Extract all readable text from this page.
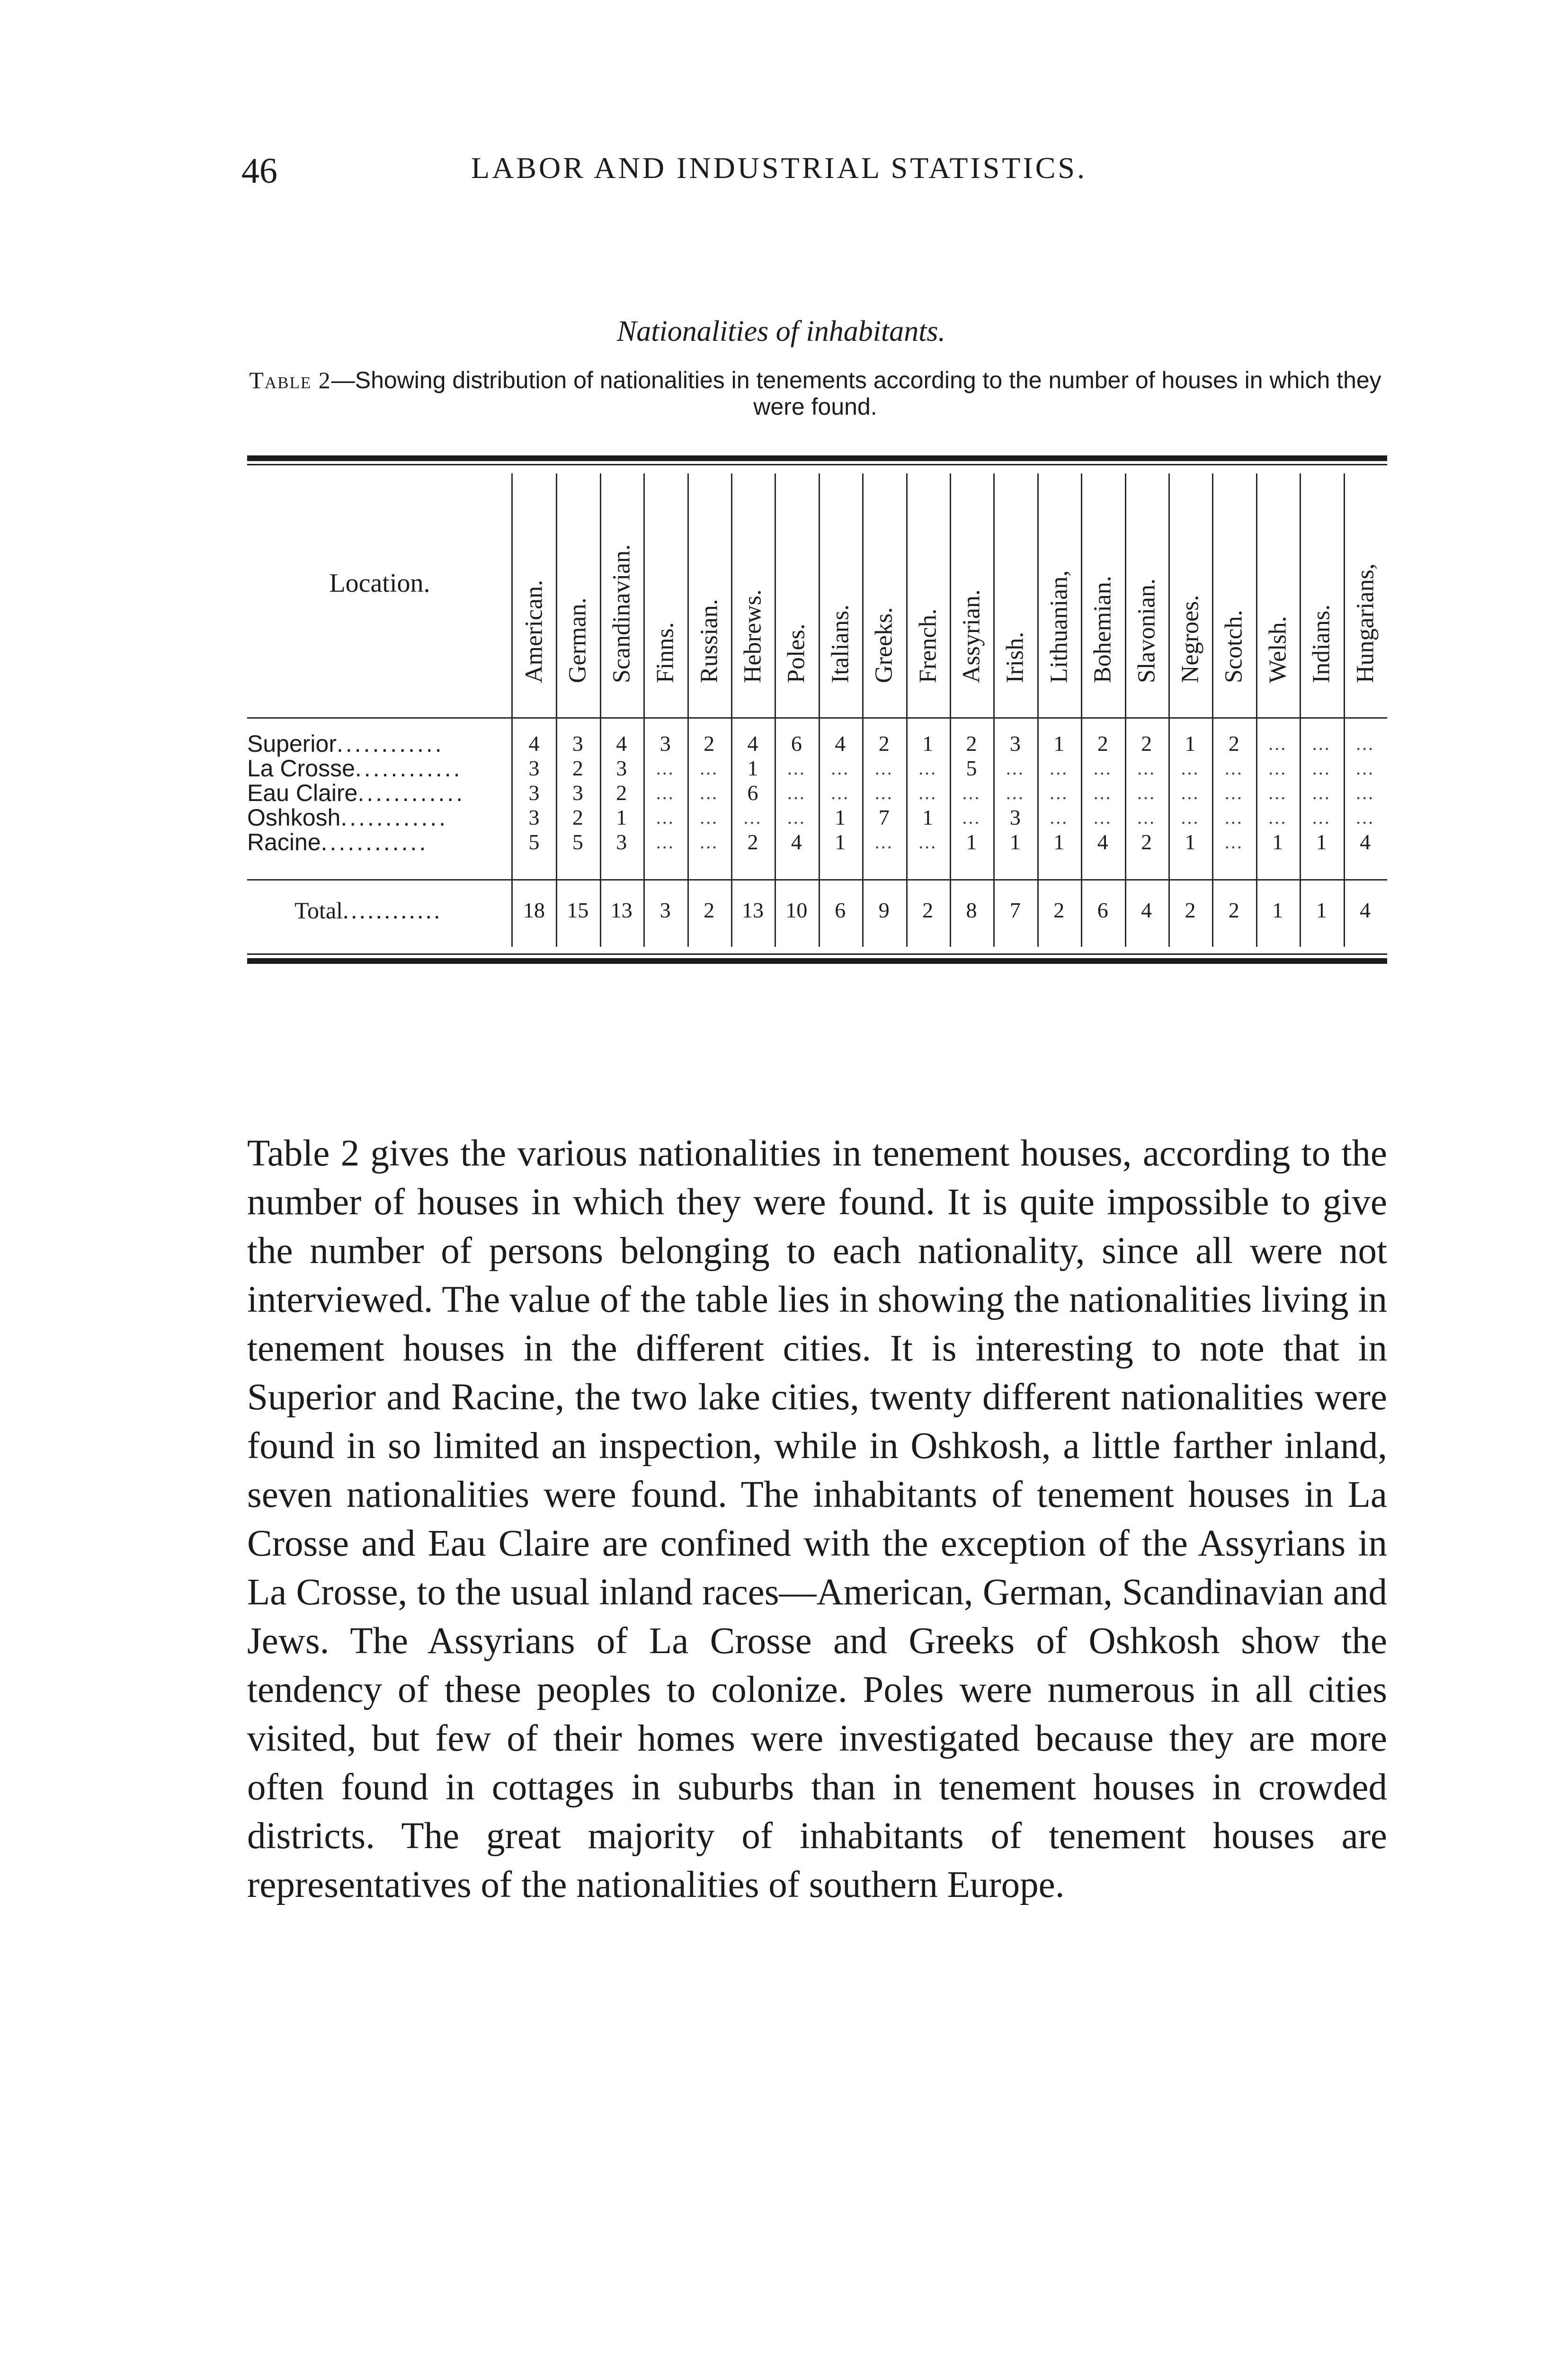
46	LABOR AND INDUSTRIAL STATISTICS.
Nationalities of inhabitants.
Table 2—Showing distribution of nationalities in tenements according to the number of houses in which they were found.
Location.	American. German. Scandinavian. Finns. Russian. Hebrews. Poles. Italians. Greeks. French. Assyrian. Irish. Lithuanian, Bohemian. Slavonian. Negroes. Scotch. Welsh. Indians. Hungarians,
Superior............	4	3	4	3	2	4	6	4	2	1	2	3	1	2	2	1	2	...	...	...
La Crosse............	3	2	3	...	...	1	...	...	...	...	5	...	...	...	...	...	...	...	...	...
Eau Claire............	3	3	2	...	...	6	...	...	...	...	...	...	...	...	...	...	...	...	...	...
Oshkosh............	3	2	1	...	...	...	...	1	7	1	...	3	...	...	...	...	...	...	...	...
Racine............	5	5	3	...	...	2	4	1	...	...	1	1	1	4	2	1	...	1	1	4
Total............	18	15	13	3	2	13	10	6	9	2	8	7	2	6	4	2	2	1	1	4

Table 2 gives the various nationalities in tenement houses, according to the number of houses in which they were found. It is quite impossible to give the number of persons belonging to each nationality, since all were not interviewed. The value of the table lies in showing the nationalities living in tenement houses in the different cities. It is interesting to note that in Superior and Racine, the two lake cities, twenty different nationalities were found in so limited an inspection, while in Oshkosh, a little farther inland, seven nationalities were found. The inhabitants of tenement houses in La Crosse and Eau Claire are confined with the exception of the Assyrians in La Crosse, to the usual inland races—American, German, Scandinavian and Jews. The Assyrians of La Crosse and Greeks of Oshkosh show the tendency of these peoples to colonize. Poles were numerous in all cities visited, but few of their homes were investigated because they are more often found in cottages in suburbs than in tenement houses in crowded districts. The great majority of inhabitants of tenement houses are representatives of the nationalities of southern Europe.
